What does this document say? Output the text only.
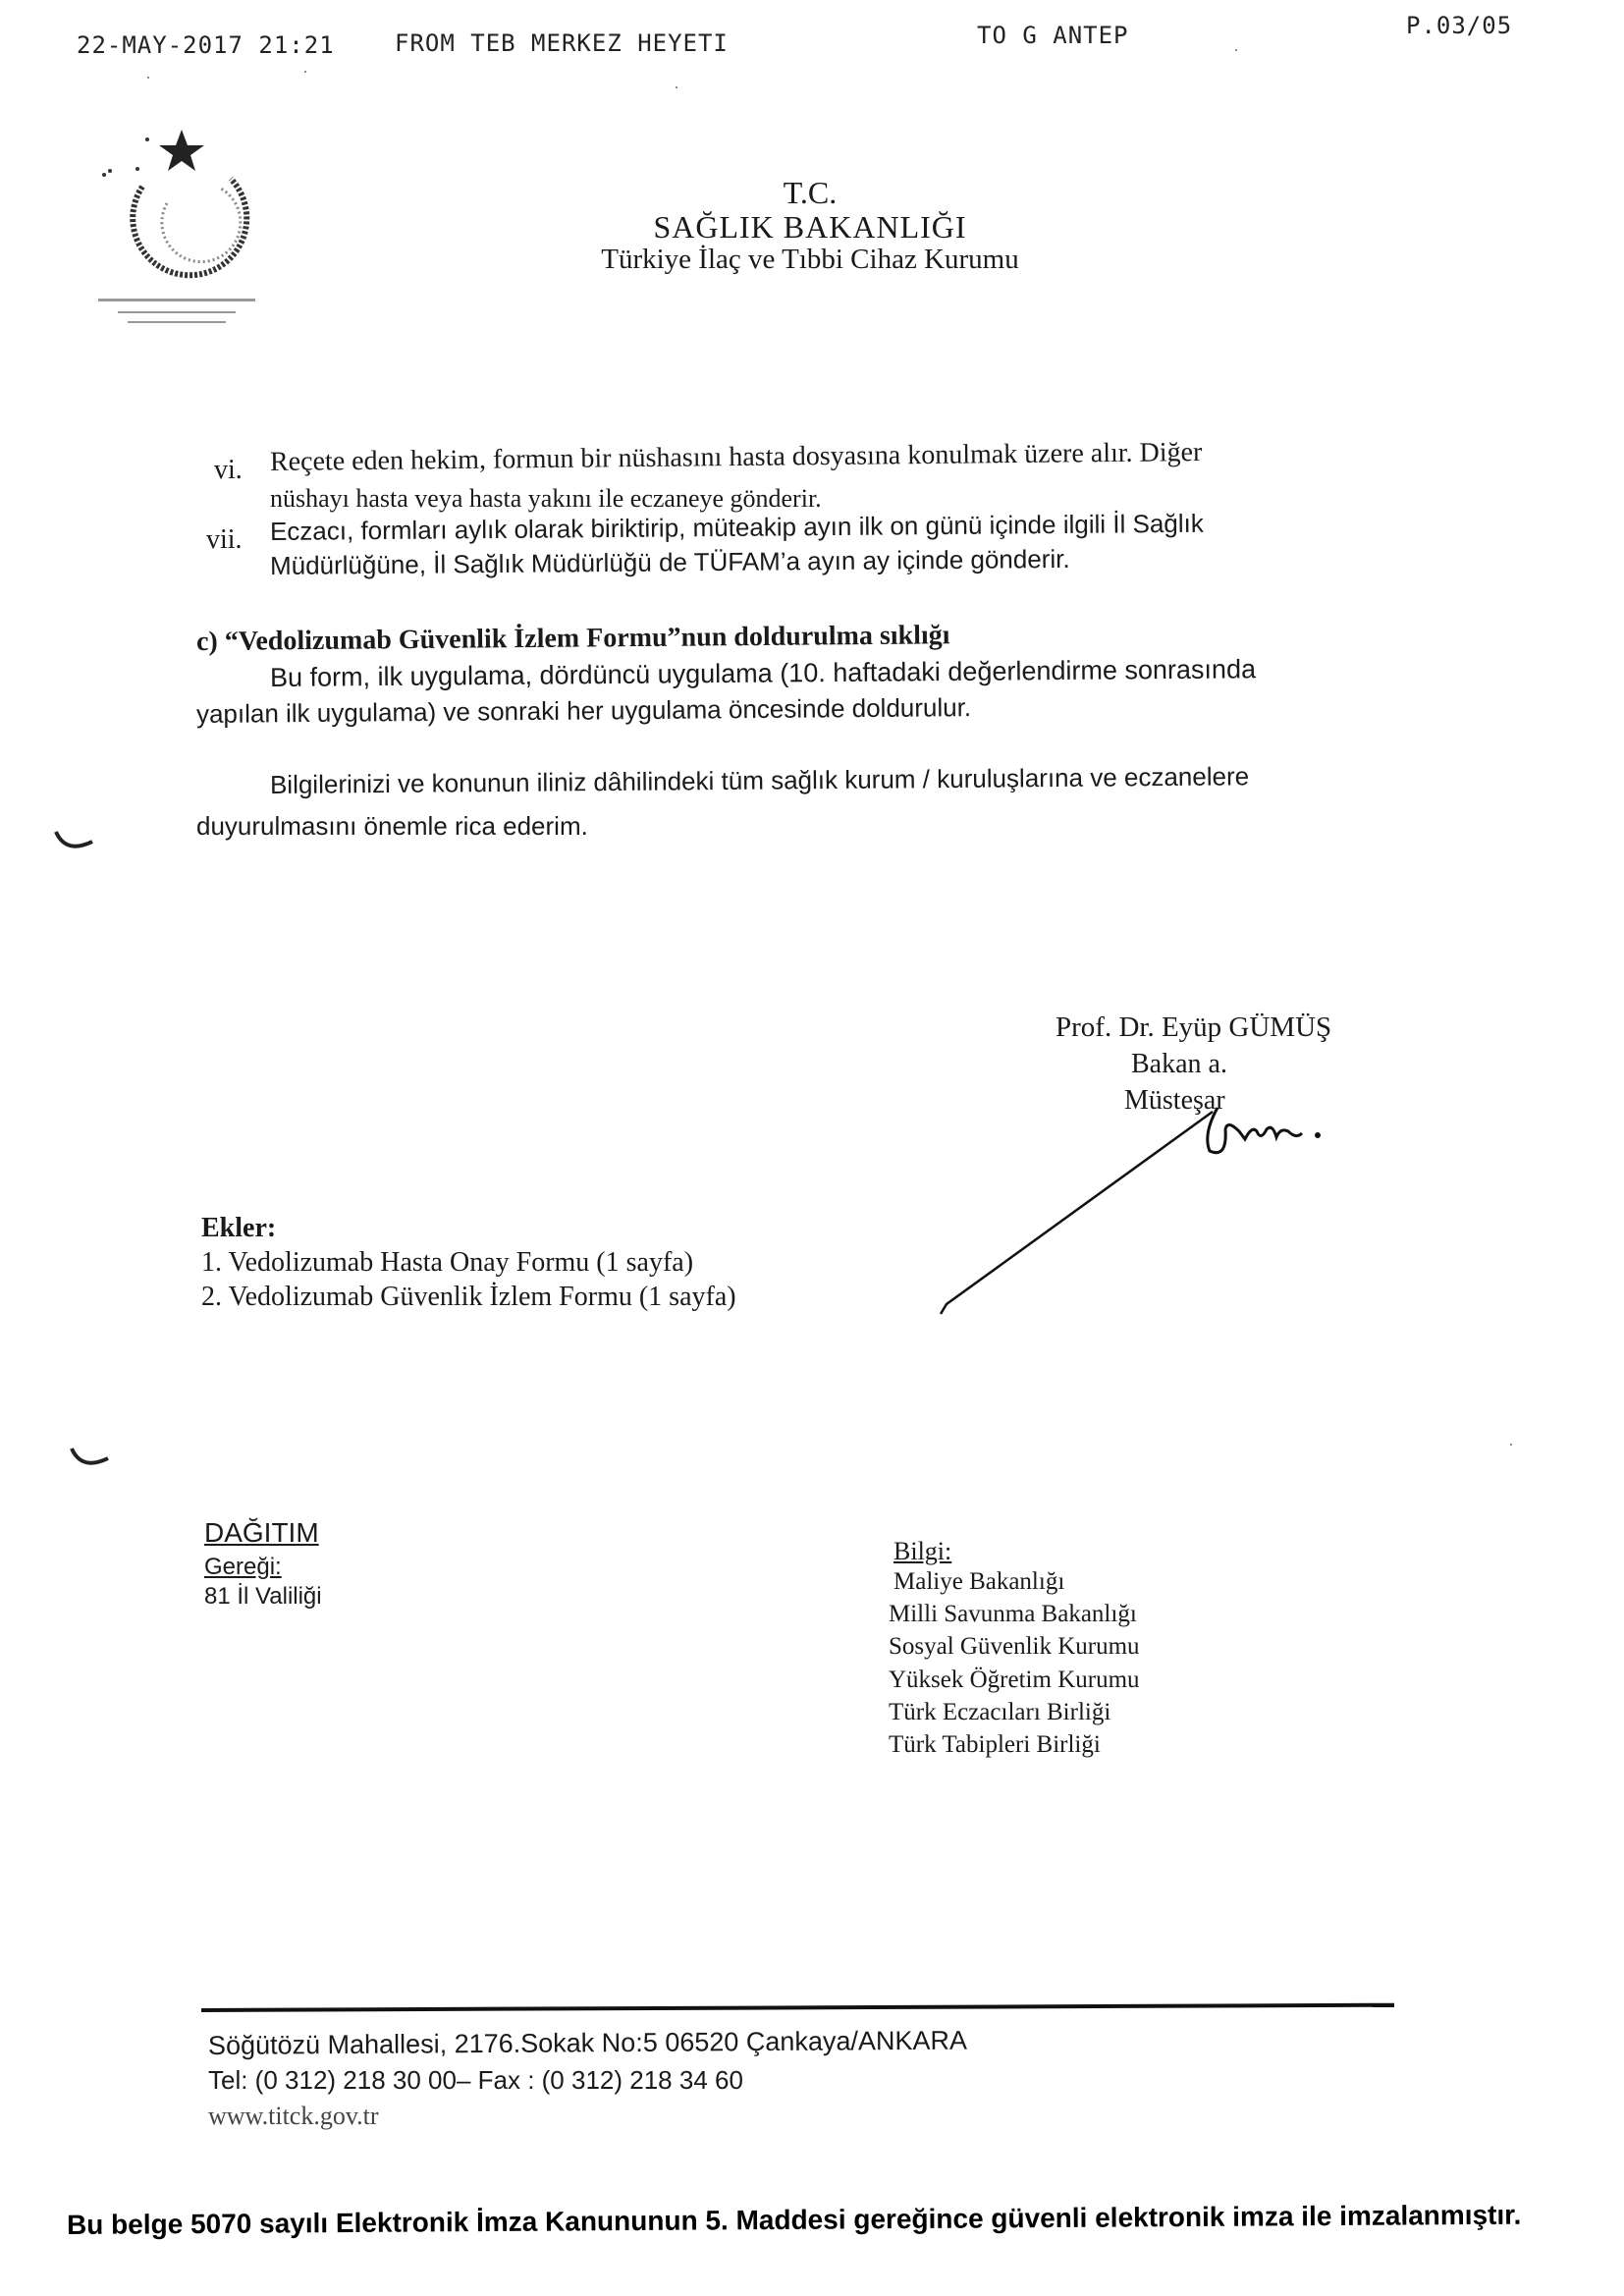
22-MAY-2017 21:21	FROM TEB MERKEZ HEYETI	TO G ANTEP	P.03/05
T.C.
SAĞLIK BAKANLIĞI
Türkiye İlaç ve Tıbbi Cihaz Kurumu
vi. Reçete eden hekim, formun bir nüshasını hasta dosyasına konulmak üzere alır. Diğer
nüshayı hasta veya hasta yakını ile eczaneye gönderir.
vii. Eczacı, formları aylık olarak biriktirip, müteakip ayın ilk on günü içinde ilgili İl Sağlık
Müdürlüğüne, İl Sağlık Müdürlüğü de TÜFAM’a ayın ay içinde gönderir.
c) “Vedolizumab Güvenlik İzlem Formu”nun doldurulma sıklığı
Bu form, ilk uygulama, dördüncü uygulama (10. haftadaki değerlendirme sonrasında
yapılan ilk uygulama) ve sonraki her uygulama öncesinde doldurulur.
Bilgilerinizi ve konunun iliniz dâhilindeki tüm sağlık kurum / kuruluşlarına ve eczanelere
duyurulmasını önemle rica ederim.
Prof. Dr. Eyüp GÜMÜŞ
Bakan a.
Müsteşar
Ekler:
1. Vedolizumab Hasta Onay Formu (1 sayfa)
2. Vedolizumab Güvenlik İzlem Formu (1 sayfa)
DAĞITIM
Gereği:
81 İl Valiliği
Bilgi:
Maliye Bakanlığı
Milli Savunma Bakanlığı
Sosyal Güvenlik Kurumu
Yüksek Öğretim Kurumu
Türk Eczacıları Birliği
Türk Tabipleri Birliği
Söğütözü Mahallesi, 2176.Sokak No:5 06520 Çankaya/ANKARA
Tel: (0 312) 218 30 00– Fax : (0 312) 218 34 60
www.titck.gov.tr
Bu belge 5070 sayılı Elektronik İmza Kanununun 5. Maddesi gereğince güvenli elektronik imza ile imzalanmıştır.
